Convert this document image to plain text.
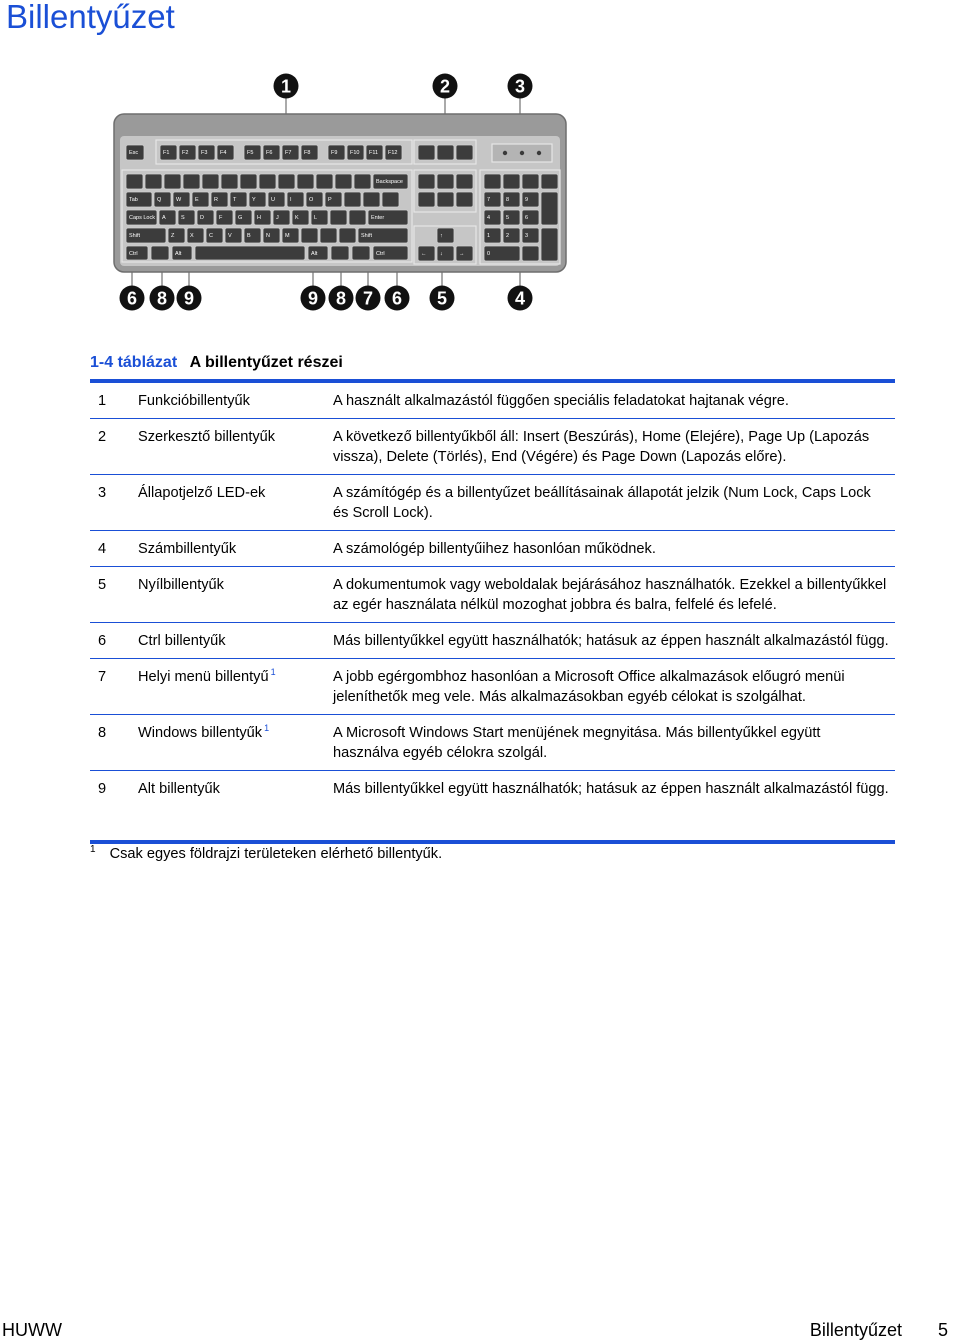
Billentyűzet
Esc	F1 F2 F3 F4	F5 F6 F7 F8	F9 F10 F11 F12
Backspace
Tab	Q	W	E	R	T	Y	U	I	O	P
Caps Lock A	S	D	F	G	H	J	K	L	Enter
Shift	Z	X	C	V	B	N	M	Shift
Ctrl	Alt	Alt	Ctrl
↑
← ↓	→
7	8	9
4	5	6
1	2	3
0
1	2	3
6 8 9	9 8 7 6 5	4
1-4 táblázat A billentyűzet részei
1	Funkcióbillentyűk	A használt alkalmazástól függően speciális feladatokat hajtanak végre.
2	Szerkesztő billentyűk	A következő billentyűkből áll: Insert (Beszúrás), Home (Elejére), Page Up (Lapozás vissza), Delete (Törlés), End (Végére) és Page Down (Lapozás előre).
3	Állapotjelző LED-ek	A számítógép és a billentyűzet beállításainak állapotát jelzik (Num Lock, Caps Lock és Scroll Lock).
4	Számbillentyűk	A számológép billentyűihez hasonlóan működnek.
5	Nyílbillentyűk	A dokumentumok vagy weboldalak bejárásához használhatók. Ezekkel a billentyűkkel az egér használata nélkül mozoghat jobbra és balra, felfelé és lefelé.
6	Ctrl billentyűk	Más billentyűkkel együtt használhatók; hatásuk az éppen használt alkalmazástól függ.
7	Helyi menü billentyű $^1$	A jobb egérgombhoz hasonlóan a Microsoft Office alkalmazások előugró menüi jeleníthetők meg vele. Más alkalmazásokban egyéb célokat is szolgálhat.
8	Windows billentyűk $^1$	A Microsoft Windows Start menüjének megnyitása. Más billentyűkkel együtt használva egyéb célokra szolgál.
9	Alt billentyűk	Más billentyűkkel együtt használhatók; hatásuk az éppen használt alkalmazástól függ.
$^1$ Csak egyes földrajzi területeken elérhető billentyűk.
HUWW	Billentyűzet 5
